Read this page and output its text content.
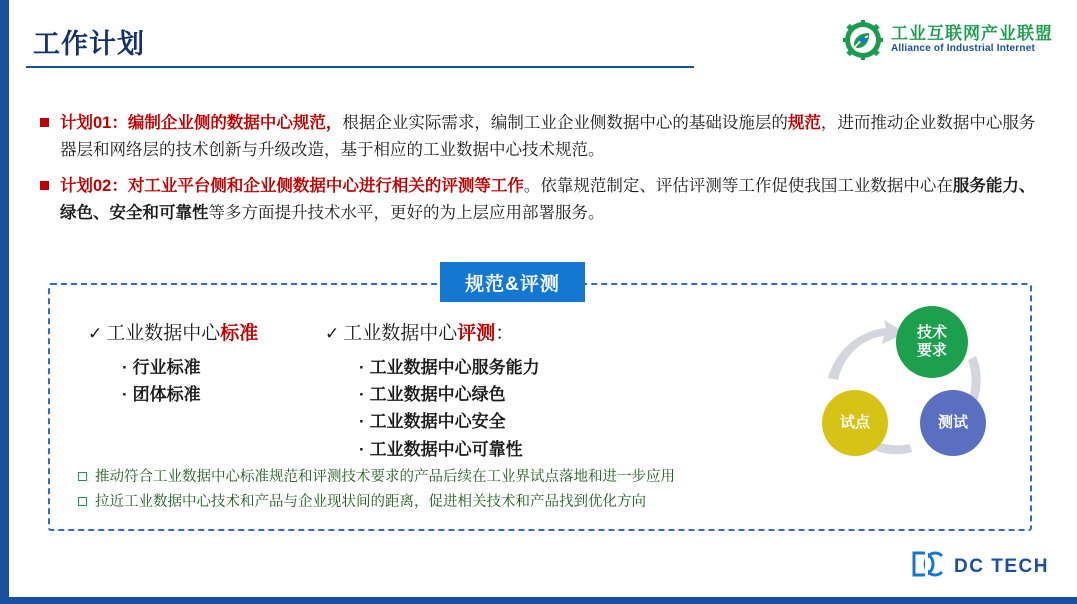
工作计划	工业互联网产业联盟
Alliance of Industrial Internet
计划01：编制企业侧的数据中心规范，根据企业实际需求，编制工业企业侧数据中心的基础设施层的规范，进而推动企业数据中心服务器层和网络层的技术创新与升级改造，基于相应的工业数据中心技术规范。
计划02：对工业平台侧和企业侧数据中心进行相关的评测等工作。依靠规范制定、评估评测等工作促使我国工业数据中心在服务能力、绿色、安全和可靠性等多方面提升技术水平，更好的为上层应用部署服务。
规范&评测
✓ 工业数据中心 标准
· 行业标准
· 团体标准
✓ 工业数据中心 评测 ：
· 工业数据中心服务能力
· 工业数据中心绿色
· 工业数据中心安全
· 工业数据中心可靠性
技术
要求
测试
试点
推动符合工业数据中心标准规范和评测技术要求的产品后续在工业界试点落地和进一步应用
拉近工业数据中心技术和产品与企业现状间的距离，促进相关技术和产品找到优化方向
DC TECH
